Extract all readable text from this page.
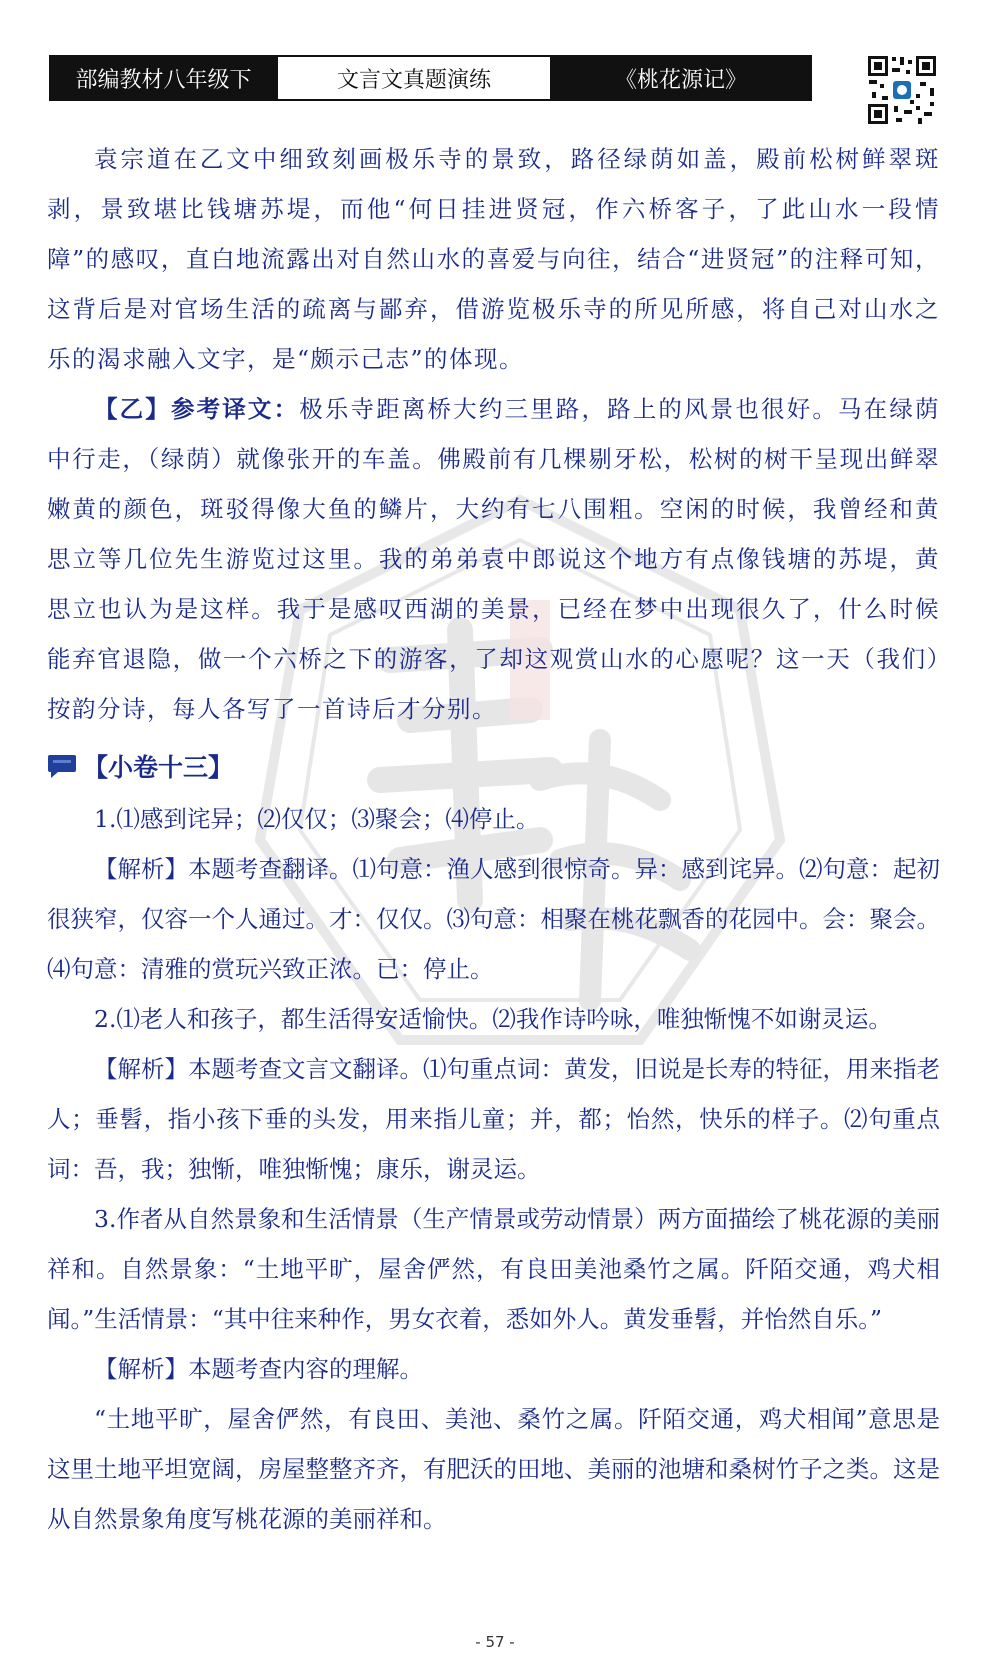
部编教材八年级下	文言文真题演练	《桃花源记》

袁宗道在乙文中细致刻画极乐寺的景致，路径绿荫如盖，殿前松树鲜翠斑剥，景致堪比钱塘苏堤，而他“何日挂进贤冠，作六桥客子，了此山水一段情障”的感叹，直白地流露出对自然山水的喜爱与向往，结合“进贤冠”的注释可知，这背后是对官场生活的疏离与鄙弃，借游览极乐寺的所见所感，将自己对山水之乐的渴求融入文字，是“颇示己志”的体现。

【乙】参考译文：极乐寺距离桥大约三里路，路上的风景也很好。马在绿荫中行走，（绿荫）就像张开的车盖。佛殿前有几棵剔牙松，松树的树干呈现出鲜翠嫩黄的颜色，斑驳得像大鱼的鳞片，大约有七八围粗。空闲的时候，我曾经和黄思立等几位先生游览过这里。我的弟弟袁中郎说这个地方有点像钱塘的苏堤，黄思立也认为是这样。我于是感叹西湖的美景，已经在梦中出现很久了，什么时候能弃官退隐，做一个六桥之下的游客，了却这观赏山水的心愿呢？这一天（我们）按韵分诗，每人各写了一首诗后才分别。

【小卷十三】

1.⑴感到诧异；⑵仅仅；⑶聚会；⑷停止。

【解析】本题考查翻译。⑴句意：渔人感到很惊奇。异：感到诧异。⑵句意：起初很狭窄，仅容一个人通过。才：仅仅。⑶句意：相聚在桃花飘香的花园中。会：聚会。⑷句意：清雅的赏玩兴致正浓。已：停止。

2.⑴老人和孩子，都生活得安适愉快。⑵我作诗吟咏，唯独惭愧不如谢灵运。

【解析】本题考查文言文翻译。⑴句重点词：黄发，旧说是长寿的特征，用来指老人；垂髫，指小孩下垂的头发，用来指儿童；并，都；怡然，快乐的样子。⑵句重点词：吾，我；独惭，唯独惭愧；康乐，谢灵运。

3.作者从自然景象和生活情景（生产情景或劳动情景）两方面描绘了桃花源的美丽祥和。自然景象：“土地平旷，屋舍俨然，有良田美池桑竹之属。阡陌交通，鸡犬相闻。”生活情景：“其中往来种作，男女衣着，悉如外人。黄发垂髫，并怡然自乐。”

【解析】本题考查内容的理解。

“土地平旷，屋舍俨然，有良田、美池、桑竹之属。阡陌交通，鸡犬相闻”意思是这里土地平坦宽阔，房屋整整齐齐，有肥沃的田地、美丽的池塘和桑树竹子之类。这是从自然景象角度写桃花源的美丽祥和。

- 57 -
